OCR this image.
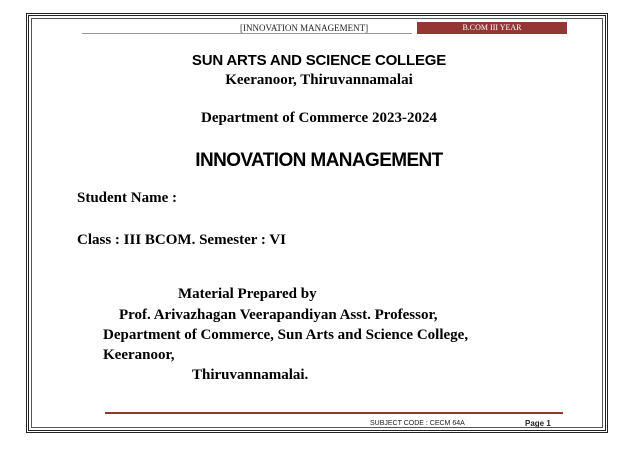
[INNOVATION MANAGEMENT]	B.COM III YEAR
SUN ARTS AND SCIENCE COLLEGE
Keeranoor, Thiruvannamalai
Department of Commerce 2023-2024
INNOVATION MANAGEMENT
Student Name :
Class : III BCOM. Semester : VI
Material Prepared by
Prof. Arivazhagan Veerapandiyan Asst. Professor,
Department of Commerce, Sun Arts and Science College,
Keeranoor,
Thiruvannamalai.
SUBJECT CODE : CECM 64A	Page 1
